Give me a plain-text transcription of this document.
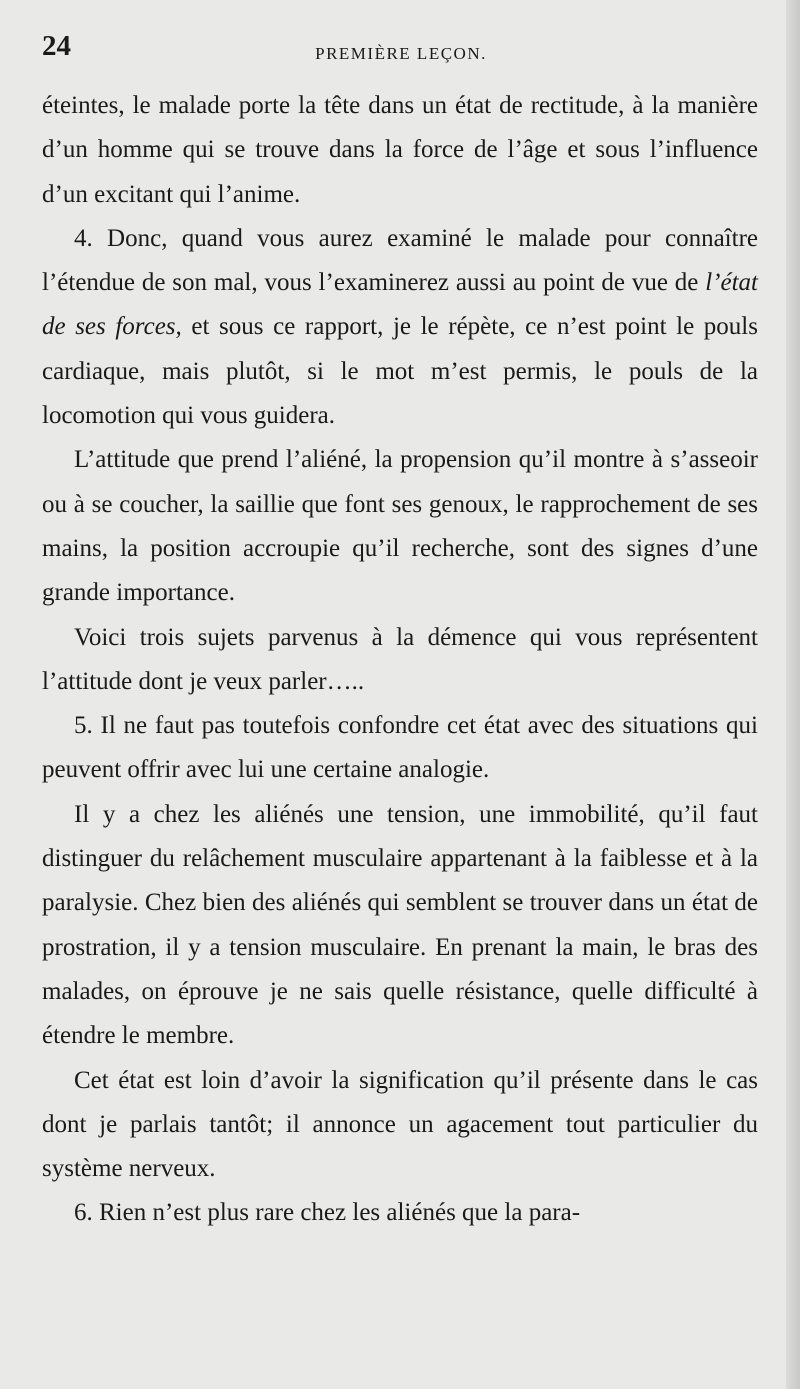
24	PREMIÈRE LEÇON.

éteintes, le malade porte la tête dans un état de rectitude, à la manière d’un homme qui se trouve dans la force de l’âge et sous l’influence d’un excitant qui l’anime.

4. Donc, quand vous aurez examiné le malade pour connaître l’étendue de son mal, vous l’examinerez aussi au point de vue de l’état de ses forces, et sous ce rapport, je le répète, ce n’est point le pouls cardiaque, mais plutôt, si le mot m’est permis, le pouls de la locomotion qui vous guidera.

L’attitude que prend l’aliéné, la propension qu’il montre à s’asseoir ou à se coucher, la saillie que font ses genoux, le rapprochement de ses mains, la position accroupie qu’il recherche, sont des signes d’une grande importance.

Voici trois sujets parvenus à la démence qui vous représentent l’attitude dont je veux parler…..

5. Il ne faut pas toutefois confondre cet état avec des situations qui peuvent offrir avec lui une certaine analogie.

Il y a chez les aliénés une tension, une immobilité, qu’il faut distinguer du relâchement musculaire appartenant à la faiblesse et à la paralysie. Chez bien des aliénés qui semblent se trouver dans un état de prostration, il y a tension musculaire. En prenant la main, le bras des malades, on éprouve je ne sais quelle résistance, quelle difficulté à étendre le membre.

Cet état est loin d’avoir la signification qu’il présente dans le cas dont je parlais tantôt; il annonce un agacement tout particulier du système nerveux.

6. Rien n’est plus rare chez les aliénés que la para-
